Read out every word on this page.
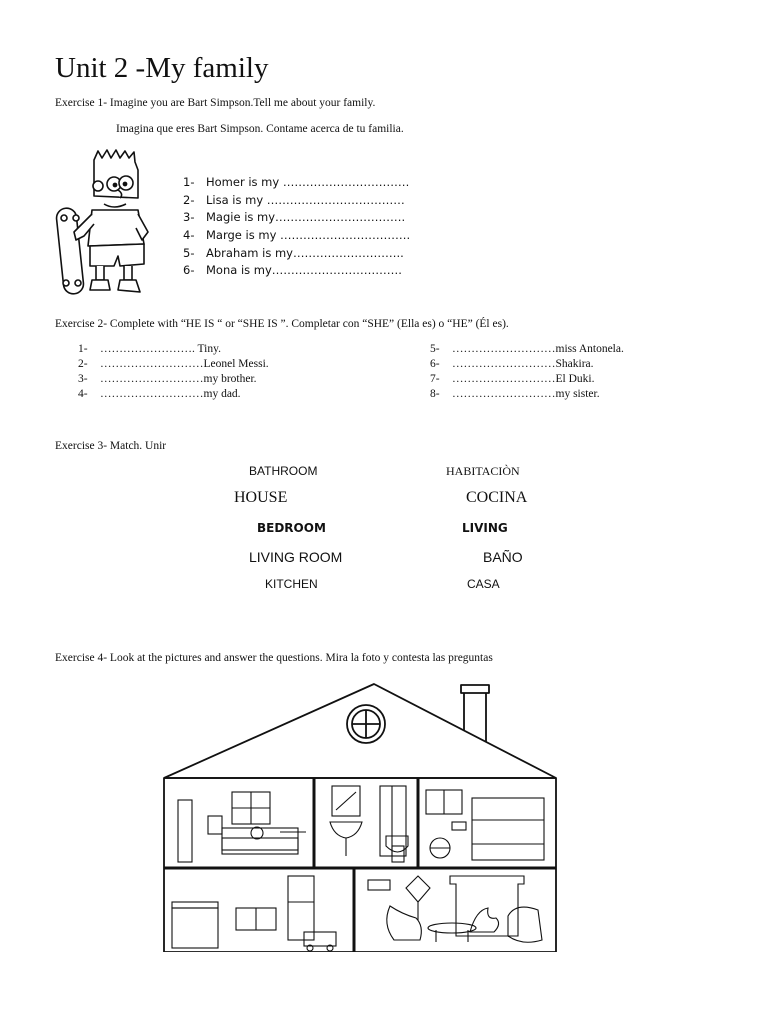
Unit 2 -My family
Exercise 1- Imagine you are Bart Simpson.Tell me about your family.
Imagina que eres Bart Simpson. Contame acerca de tu familia.
1- Homer is my ……………………………
2- Lisa is my ………………………………
3- Magie is my…………………………….
4- Marge is my …………………………….
5- Abraham is my………………………..
6- Mona is my…………………………….
Exercise 2- Complete with “HE IS “ or “SHE IS ”. Completar con “SHE” (Ella es) o “HE” (Él es).
1- ……………………. Tiny.
2- ………………………Leonel Messi.
3- ………………………my brother.
4- ………………………my dad.
5- ………………………miss Antonela.
6- ………………………Shakira.
7- ………………………El Duki.
8- ………………………my sister.
Exercise 3- Match. Unir
BATHROOM	HABITACIÒN
HOUSE	COCINA
BEDROOM	LIVING
LIVING ROOM	BAÑO
KITCHEN	CASA
Exercise 4- Look at the pictures and answer the questions. Mira la foto y contesta las preguntas
